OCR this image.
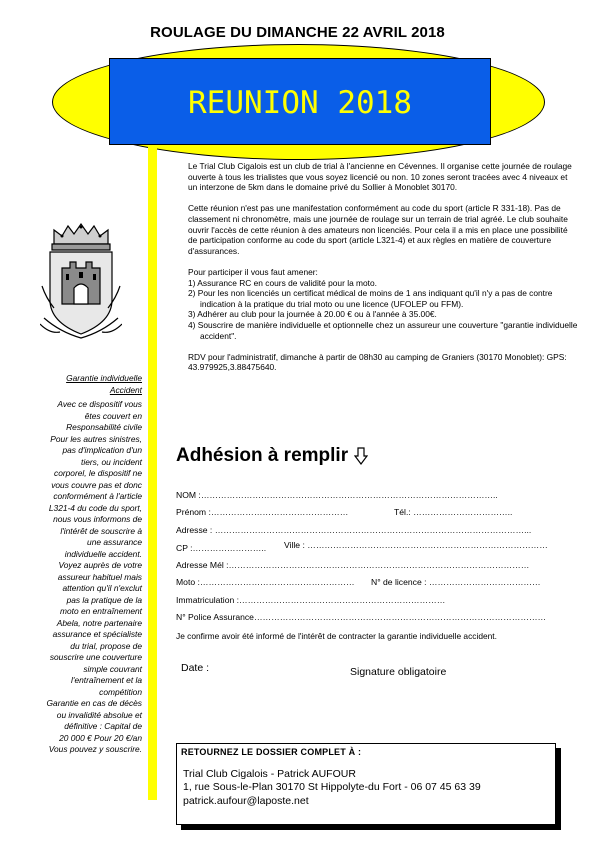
ROULAGE DU DIMANCHE 22 AVRIL 2018
REUNION 2018
Garantie individuelle Accident
Avec ce dispositif vous
êtes couvert en
Responsabilité civile
Pour les autres sinistres,
pas d'implication d'un
tiers, ou incident
corporel, le dispositif ne
vous couvre pas et donc
conformément à l'article
L321-4 du code du sport,
nous vous informons de
l'intérêt de souscrire à
une assurance
individuelle accident.
Voyez auprès de votre
assureur habituel mais
attention qu'il n'exclut
pas la pratique de la
moto en entraînement
Abela, notre partenaire
assurance et spécialiste
du trial, propose de
souscrire une couverture
simple couvrant
l'entraînement et la
compétition
Garantie en cas de décès
ou invalidité absolue et
définitive : Capital de
20 000 € Pour 20 €/an
Vous pouvez y souscrire.

Le Trial Club Cigalois est un club de trial à l'ancienne en Cévennes. Il organise cette journée de roulage ouverte à tous les trialistes que vous soyez licencié ou non. 10 zones seront tracées avec 4 niveaux et un interzone de 5km dans le domaine privé du Sollier à Monoblet 30170.

Cette réunion n'est pas une manifestation conformément au code du sport (article R 331-18). Pas de classement ni chronomètre, mais une journée de roulage sur un terrain de trial agréé. Le club souhaite ouvrir l'accès de cette réunion à des amateurs non licenciés. Pour cela il a mis en place une possibilité de participation conforme au code du sport (article L321-4) et aux règles en matière de couverture d'assurances.

Pour participer il vous faut amener:
1) Assurance RC en cours de validité pour la moto.
2) Pour les non licenciés un certificat médical de moins de 1 ans indiquant qu'il n'y a pas de contre indication à la pratique du trial moto ou une licence (UFOLEP ou FFM).
3) Adhérer au club pour la journée à 20.00 € ou à l'année à 35.00€.
4) Souscrire de manière individuelle et optionnelle chez un assureur une couverture "garantie individuelle accident".

RDV pour l'administratif, dimanche à partir de 08h30 au camping de Graniers (30170 Monoblet): GPS: 43.979925,3.88475640.

Adhésion à remplir
NOM :…………………………………………………………………………………………..
Prénom :…………………………………………	Tél.: ……………………………..
Adresse : ………………………………………………………………………………………………...
CP :…………………….. Ville : …………………………………………………………………………
Adresse Mél :……………………………………………………………………………………………
Moto :……………………………………………… N° de licence : …………………………………
Immatriculation :………………………………………………………………
N° Police Assurance…………………………………………………………………………………………
Je confirme avoir été informé de l'intérêt de contracter la garantie individuelle accident.
Date :	Signature obligatoire
RETOURNEZ LE DOSSIER COMPLET À :
Trial Club Cigalois - Patrick AUFOUR
1, rue Sous-le-Plan 30170 St Hippolyte-du Fort - 06 07 45 63 39
patrick.aufour@laposte.net
